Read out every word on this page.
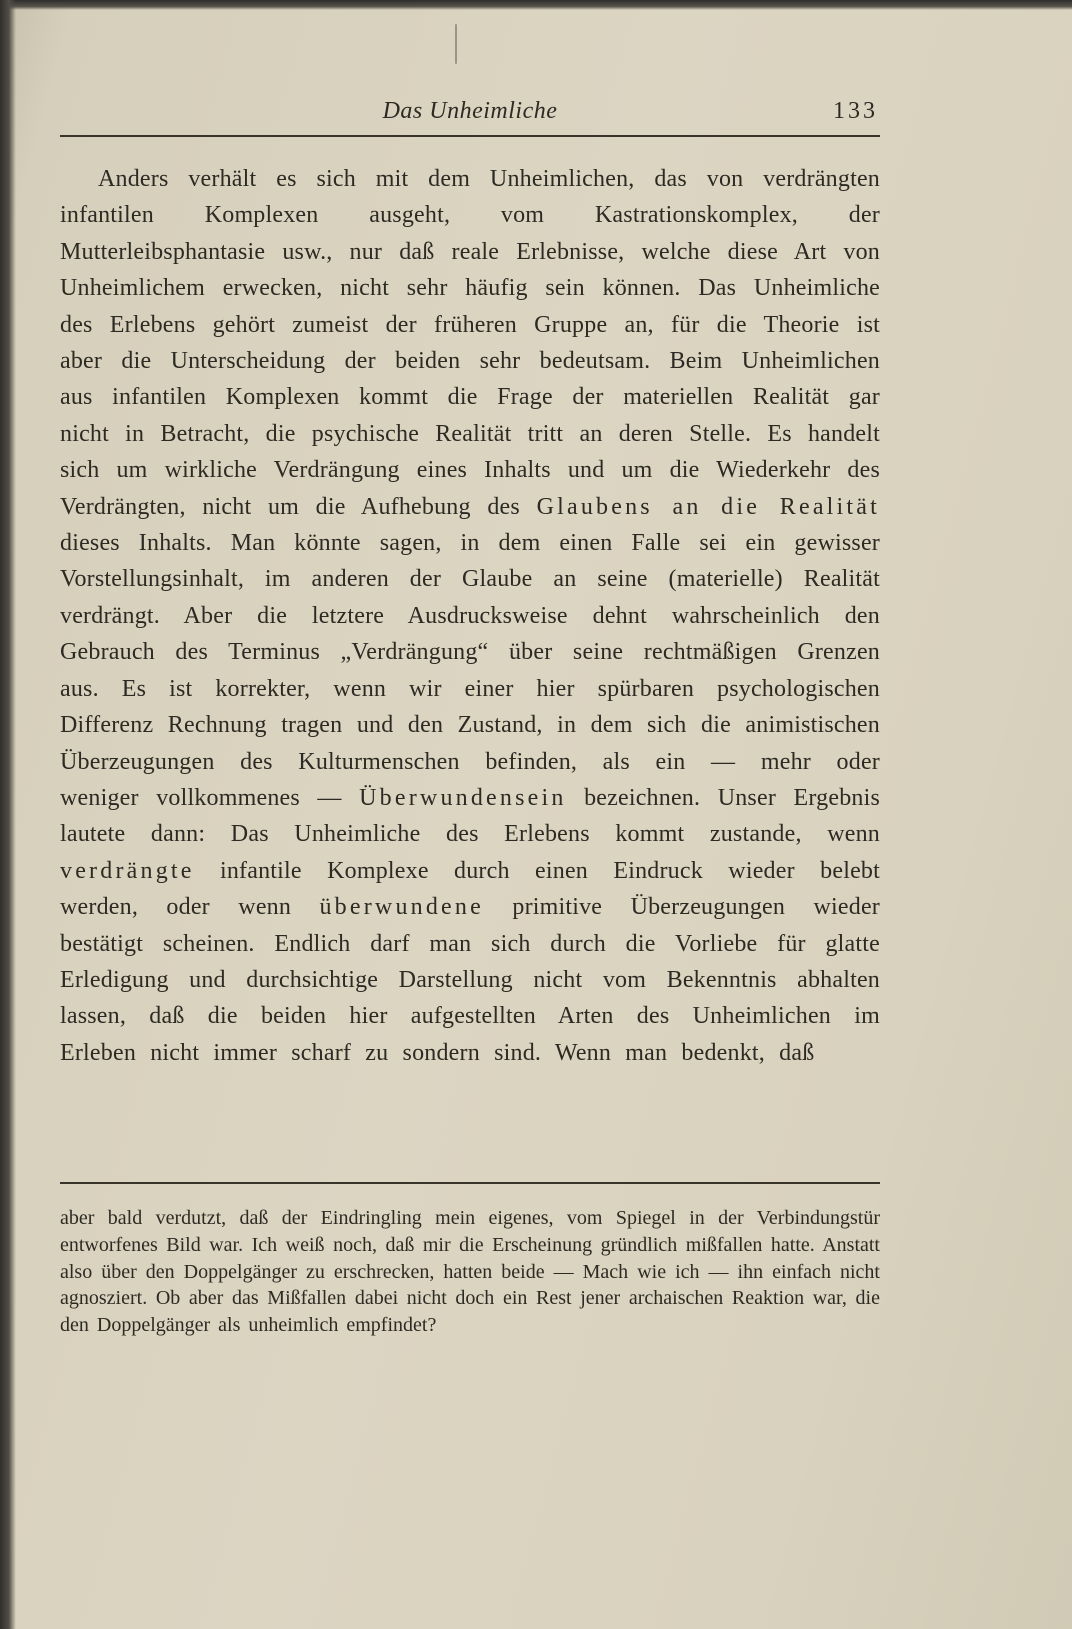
Das Unheimliche	133

Anders verhält es sich mit dem Unheimlichen, das von verdrängten infantilen Komplexen ausgeht, vom Kastrationskomplex, der Mutterleibsphantasie usw., nur daß reale Erlebnisse, welche diese Art von Unheimlichem erwecken, nicht sehr häufig sein können. Das Unheimliche des Erlebens gehört zumeist der früheren Gruppe an, für die Theorie ist aber die Unterscheidung der beiden sehr bedeutsam. Beim Unheimlichen aus infantilen Komplexen kommt die Frage der materiellen Realität gar nicht in Betracht, die psychische Realität tritt an deren Stelle. Es handelt sich um wirkliche Verdrängung eines Inhalts und um die Wiederkehr des Verdrängten, nicht um die Aufhebung des Glaubens an die Realität dieses Inhalts. Man könnte sagen, in dem einen Falle sei ein gewisser Vorstellungsinhalt, im anderen der Glaube an seine (materielle) Realität verdrängt. Aber die letztere Ausdrucksweise dehnt wahrscheinlich den Gebrauch des Terminus „Verdrängung“ über seine rechtmäßigen Grenzen aus. Es ist korrekter, wenn wir einer hier spürbaren psychologischen Differenz Rechnung tragen und den Zustand, in dem sich die animistischen Überzeugungen des Kulturmenschen befinden, als ein — mehr oder weniger vollkommenes — Überwundensein bezeichnen. Unser Ergebnis lautete dann: Das Unheimliche des Erlebens kommt zustande, wenn verdrängte infantile Komplexe durch einen Eindruck wieder belebt werden, oder wenn überwundene primitive Überzeugungen wieder bestätigt scheinen. Endlich darf man sich durch die Vorliebe für glatte Erledigung und durchsichtige Darstellung nicht vom Bekenntnis abhalten lassen, daß die beiden hier aufgestellten Arten des Unheimlichen im Erleben nicht immer scharf zu sondern sind. Wenn man bedenkt, daß

aber bald verdutzt, daß der Eindringling mein eigenes, vom Spiegel in der Verbindungstür entworfenes Bild war. Ich weiß noch, daß mir die Erscheinung gründlich mißfallen hatte. Anstatt also über den Doppelgänger zu erschrecken, hatten beide — Mach wie ich — ihn einfach nicht agnosziert. Ob aber das Mißfallen dabei nicht doch ein Rest jener archaischen Reaktion war, die den Doppelgänger als unheimlich empfindet?
